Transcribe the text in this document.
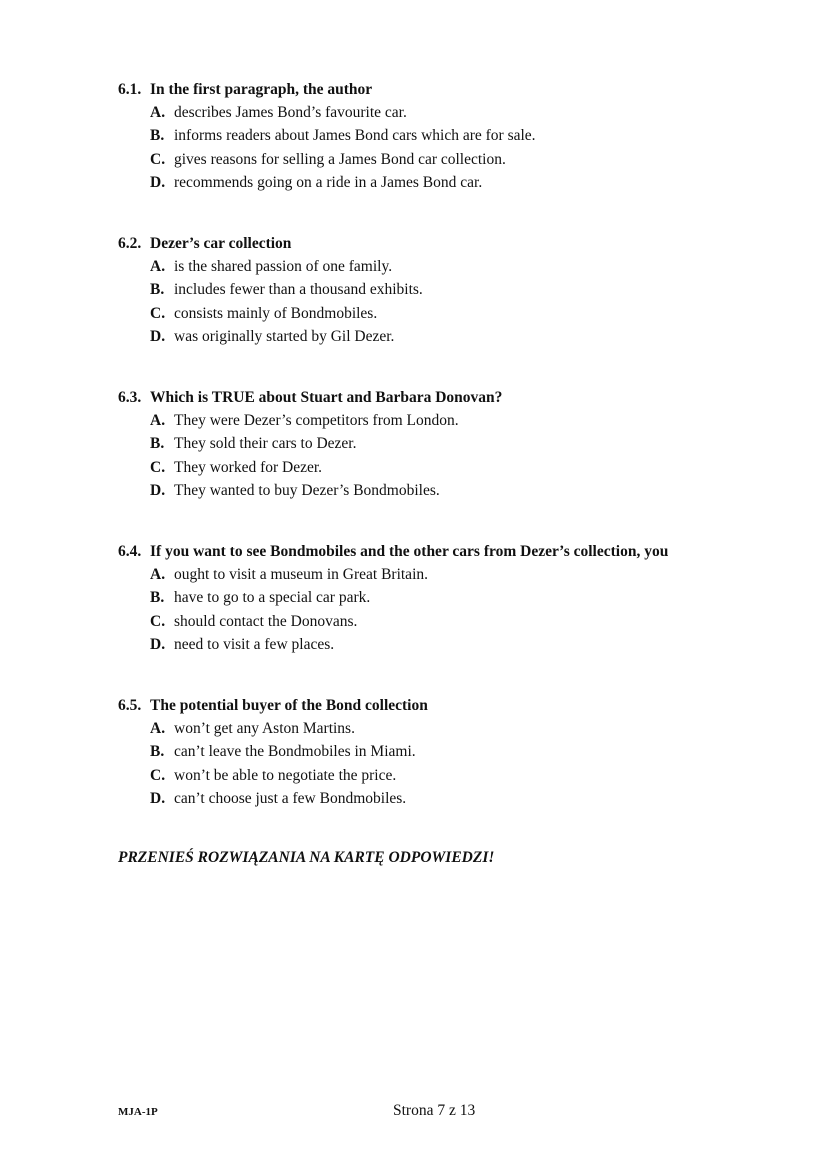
6.1. In the first paragraph, the author
A. describes James Bond’s favourite car.
B. informs readers about James Bond cars which are for sale.
C. gives reasons for selling a James Bond car collection.
D. recommends going on a ride in a James Bond car.
6.2. Dezer’s car collection
A. is the shared passion of one family.
B. includes fewer than a thousand exhibits.
C. consists mainly of Bondmobiles.
D. was originally started by Gil Dezer.
6.3. Which is TRUE about Stuart and Barbara Donovan?
A. They were Dezer’s competitors from London.
B. They sold their cars to Dezer.
C. They worked for Dezer.
D. They wanted to buy Dezer’s Bondmobiles.
6.4. If you want to see Bondmobiles and the other cars from Dezer’s collection, you
A. ought to visit a museum in Great Britain.
B. have to go to a special car park.
C. should contact the Donovans.
D. need to visit a few places.
6.5. The potential buyer of the Bond collection
A. won’t get any Aston Martins.
B. can’t leave the Bondmobiles in Miami.
C. won’t be able to negotiate the price.
D. can’t choose just a few Bondmobiles.
PRZENIEŚ ROZWIĄZANIA NA KARTĘ ODPOWIEDZI!
MJA-1P	Strona 7 z 13
